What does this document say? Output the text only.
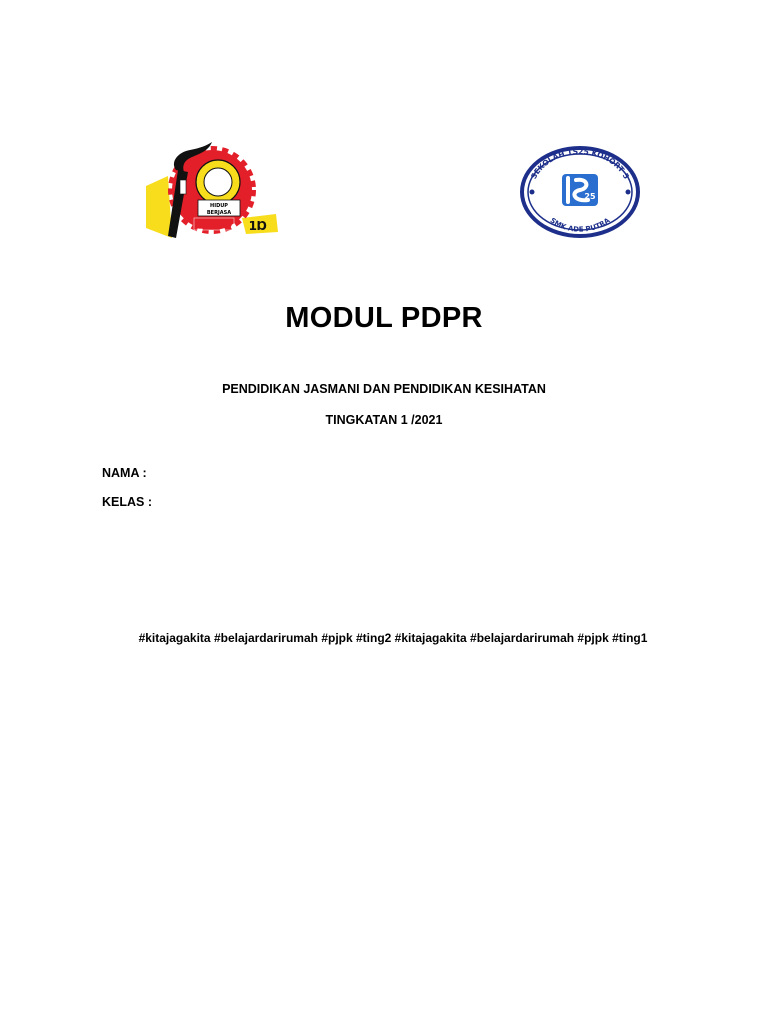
HIDUP
BERJASA
1Ɒ
SEKOLAH TS25 KOHORT 5
SMK ADE PUTRA
25
MODUL PDPR

PENDIDIKAN JASMANI DAN PENDIDIKAN KESIHATAN

TINGKATAN 1 /2021

NAMA :

KELAS :

#kitajagakita #belajardarirumah #pjpk #ting2 #kitajagakita #belajardarirumah #pjpk #ting1
